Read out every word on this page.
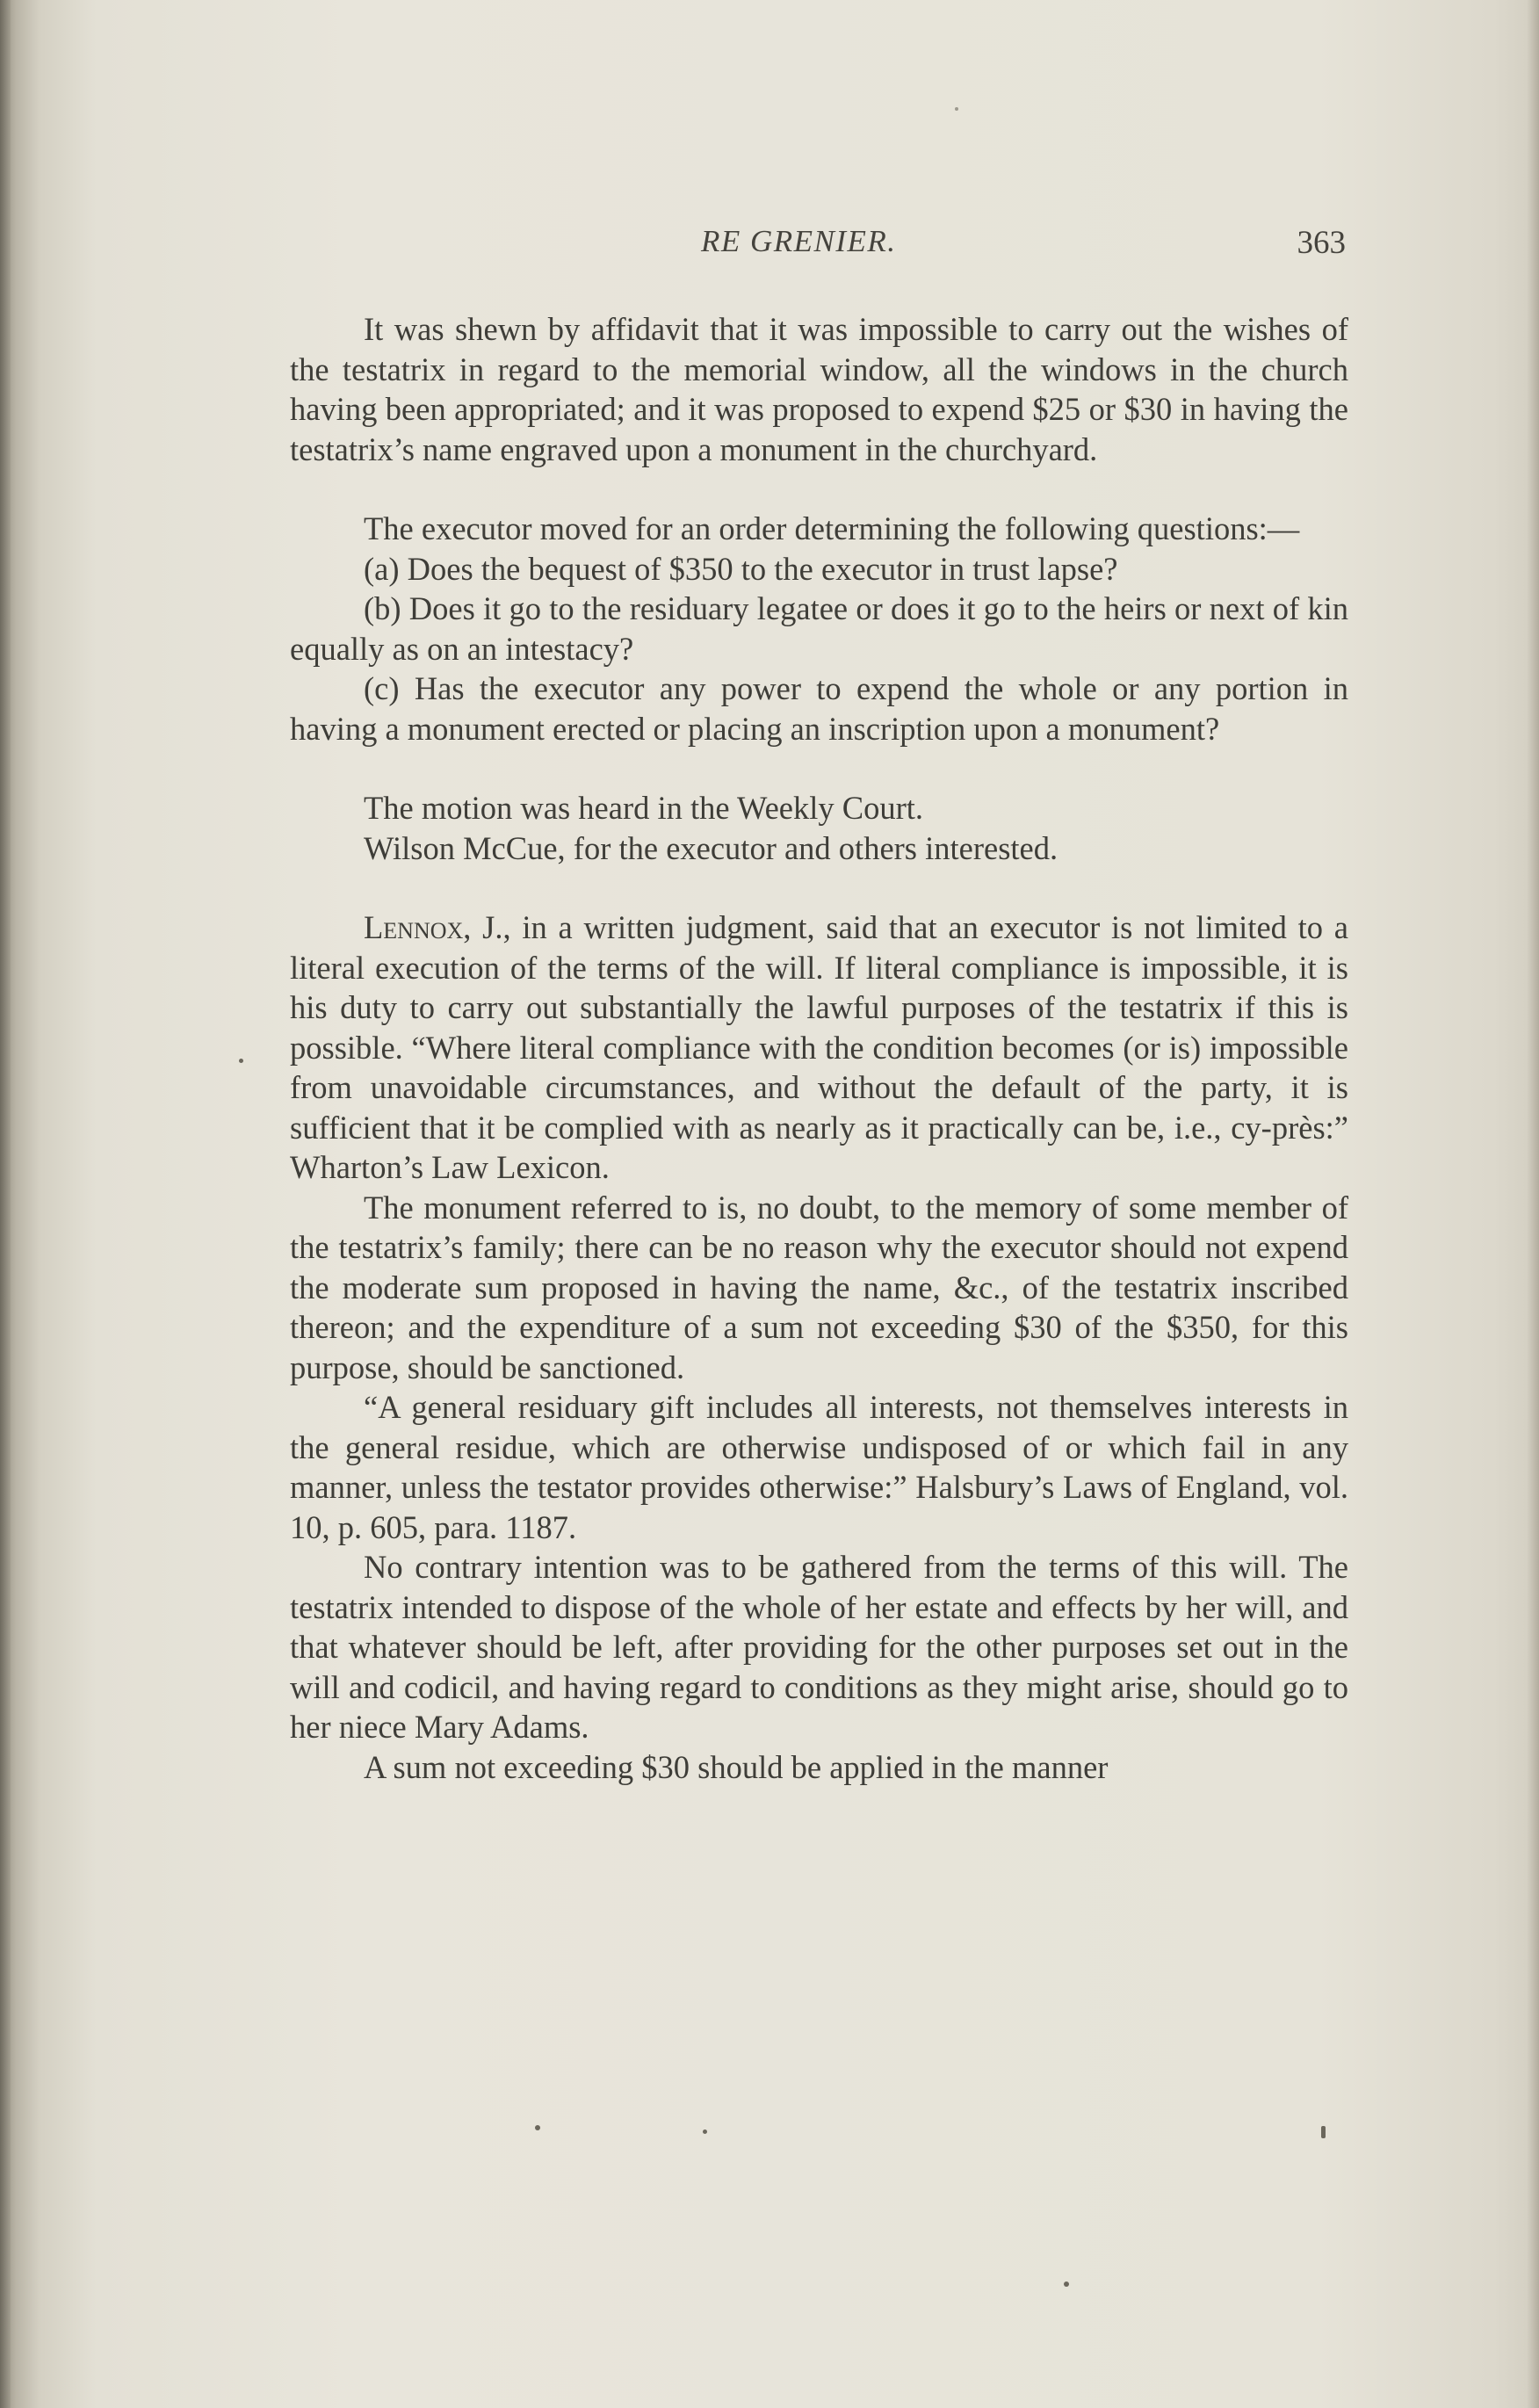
RE GRENIER.	363

It was shewn by affidavit that it was impossible to carry out the wishes of the testatrix in regard to the memorial window, all the windows in the church having been appropriated; and it was proposed to expend $25 or $30 in having the testatrix’s name engraved upon a monument in the churchyard.

The executor moved for an order determining the following questions:—

(a) Does the bequest of $350 to the executor in trust lapse?

(b) Does it go to the residuary legatee or does it go to the heirs or next of kin equally as on an intestacy?

(c) Has the executor any power to expend the whole or any portion in having a monument erected or placing an inscription upon a monument?

The motion was heard in the Weekly Court.

Wilson McCue, for the executor and others interested.

Lennox, J., in a written judgment, said that an executor is not limited to a literal execution of the terms of the will. If literal compliance is impossible, it is his duty to carry out substantially the lawful purposes of the testatrix if this is possible. “Where literal compliance with the condition becomes (or is) impossible from unavoidable circumstances, and without the default of the party, it is sufficient that it be complied with as nearly as it practically can be, i.e., cy-près:” Wharton’s Law Lexicon.

The monument referred to is, no doubt, to the memory of some member of the testatrix’s family; there can be no reason why the executor should not expend the moderate sum proposed in having the name, &c., of the testatrix inscribed thereon; and the expenditure of a sum not exceeding $30 of the $350, for this purpose, should be sanctioned.

“A general residuary gift includes all interests, not themselves interests in the general residue, which are otherwise undisposed of or which fail in any manner, unless the testator provides otherwise:” Halsbury’s Laws of England, vol. 10, p. 605, para. 1187.

No contrary intention was to be gathered from the terms of this will. The testatrix intended to dispose of the whole of her estate and effects by her will, and that whatever should be left, after providing for the other purposes set out in the will and codicil, and having regard to conditions as they might arise, should go to her niece Mary Adams.

A sum not exceeding $30 should be applied in the manner
